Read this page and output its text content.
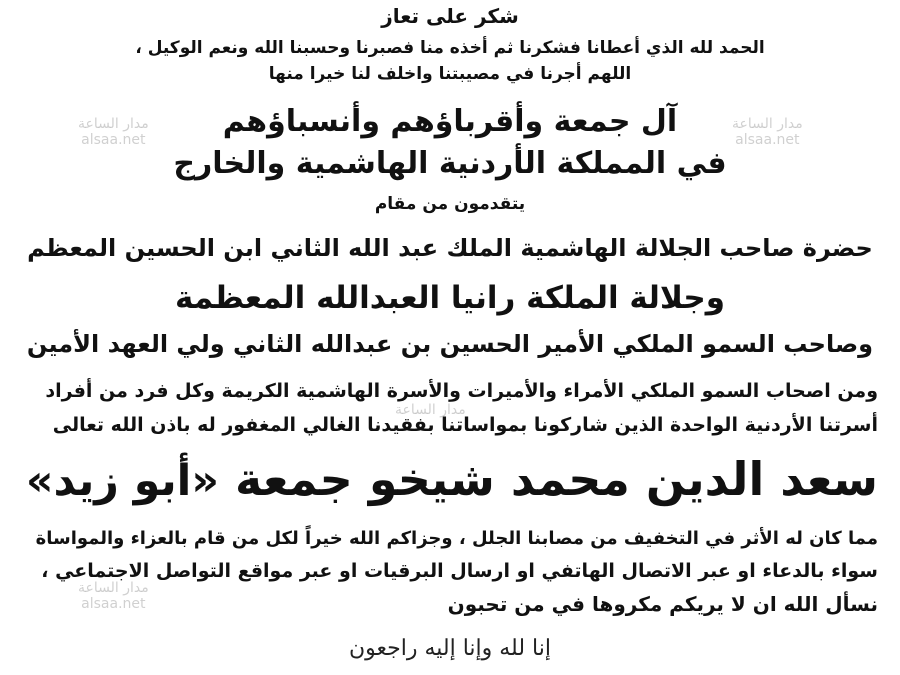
شكر على تعاز
الحمد لله الذي أعطانا فشكرنا ثم أخذه منا فصبرنا وحسبنا الله ونعم الوكيل ،
اللهم أجرنا في مصيبتنا واخلف لنا خيرا منها
آل جمعة وأقرباؤهم وأنسباؤهم
في المملكة الأردنية الهاشمية والخارج
يتقدمون من مقام
حضرة صاحب الجلالة الهاشمية الملك عبد الله الثاني ابن الحسين المعظم
وجلالة الملكة رانيا العبدالله المعظمة
وصاحب السمو الملكي الأمير الحسين بن عبدالله الثاني ولي العهد الأمين
ومن اصحاب السمو الملكي الأمراء والأميرات والأسرة الهاشمية الكريمة وكل فرد من أفراد
أسرتنا الأردنية الواحدة الذين شاركونا بمواساتنا بفقيدنا الغالي المغفور له باذن الله تعالى
سعد الدين محمد شيخو جمعة «أبو زيد»
مما كان له الأثر في التخفيف من مصابنا الجلل ، وجزاكم الله خيراً لكل من قام بالعزاء والمواساة
سواء بالدعاء او عبر الاتصال الهاتفي او ارسال البرقيات او عبر مواقع التواصل الاجتماعي ،
نسأل الله ان لا يريكم مكروها في من تحبون
إنا لله وإنا إليه راجعون
مدار الساعة
alsaa.net
مدار الساعة
alsaa.net
مدار الساعة
مدار الساعة
alsaa.net
